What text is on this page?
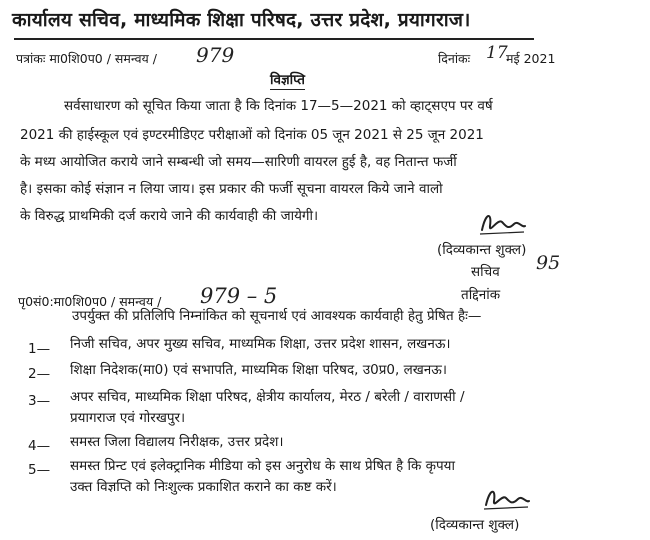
कार्यालय सचिव, माध्यमिक शिक्षा परिषद, उत्तर प्रदेश, प्रयागराज।
पत्रांकः मा0शि0प0 / समन्वय / 979	दिनांकः 17
मई 2021
विज्ञप्ति
सर्वसाधारण को सूचित किया जाता है कि दिनांक 17—5—2021 को व्हाट्सएप पर वर्ष
2021 की हाईस्कूल एवं इण्टरमीडिएट परीक्षाओं को दिनांक 05 जून 2021 से 25 जून 2021
के मध्य आयोजित कराये जाने सम्बन्धी जो समय—सारिणी वायरल हुई है, वह नितान्त फर्जी
है। इसका कोई संज्ञान न लिया जाय। इस प्रकार की फर्जी सूचना वायरल किये जाने वालो
के विरुद्ध प्राथमिकी दर्ज कराये जाने की कार्यवाही की जायेगी।
(दिव्यकान्त शुक्ल)
सचिव 95
तद्दिनांक
पृ0सं0:मा0शि0प0 / समन्वय / 979 – 5
उपर्युक्त की प्रतिलिपि निम्नांकित को सूचनार्थ एवं आवश्यक कार्यवाही हेतु प्रेषित हैः—
1— निजी सचिव, अपर मुख्य सचिव, माध्यमिक शिक्षा, उत्तर प्रदेश शासन, लखनऊ।
2— शिक्षा निदेशक(मा0) एवं सभापति, माध्यमिक शिक्षा परिषद, उ0प्र0, लखनऊ।
3— अपर सचिव, माध्यमिक शिक्षा परिषद, क्षेत्रीय कार्यालय, मेरठ / बरेली / वाराणसी /
प्रयागराज एवं गोरखपुर।
4— समस्त जिला विद्यालय निरीक्षक, उत्तर प्रदेश।
5— समस्त प्रिन्ट एवं इलेक्ट्रानिक मीडिया को इस अनुरोध के साथ प्रेषित है कि कृपया
उक्त विज्ञप्ति को निःशुल्क प्रकाशित कराने का कष्ट करें।
(दिव्यकान्त शुक्ल)
